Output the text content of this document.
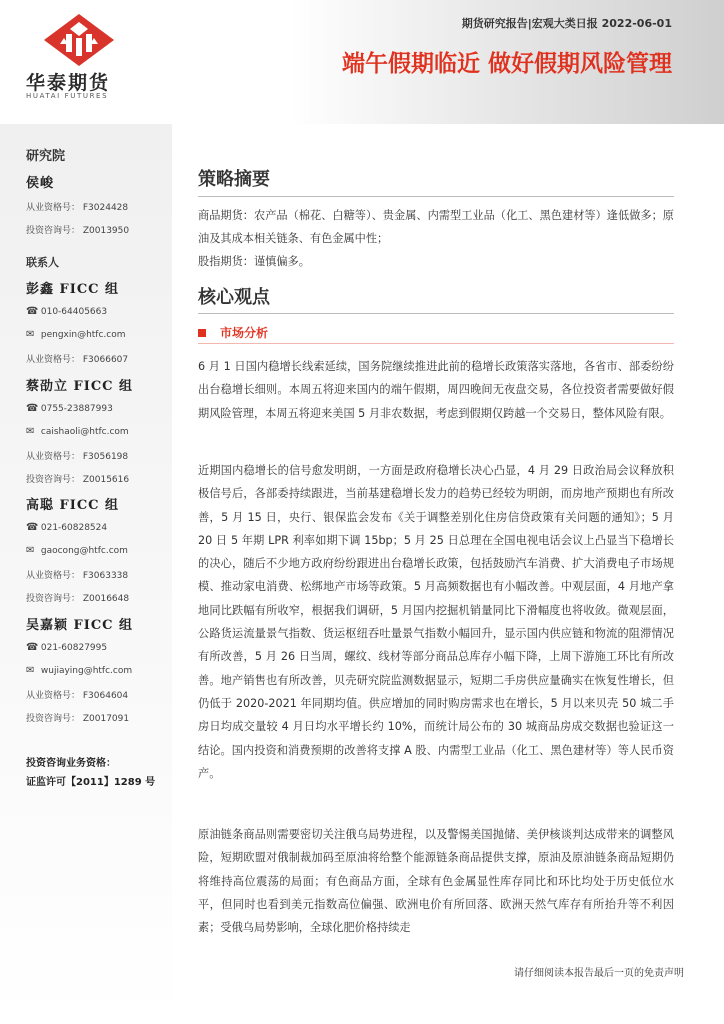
华泰期货
HUATAI FUTURES
期货研究报告|宏观大类日报 2022-06-01
端午假期临近 做好假期风险管理
研究院
侯峻
从业资格号： F3024428
投资咨询号： Z0013950
联系人
彭鑫 FICC 组
☎
010-64405663
✉
pengxin@htfc.com
从业资格号： F3066607
蔡劭立 FICC 组
☎
0755-23887993
✉
caishaoli@htfc.com
从业资格号： F3056198
投资咨询号： Z0015616
高聪 FICC 组
☎
021-60828524
✉
gaocong@htfc.com
从业资格号： F3063338
投资咨询号： Z0016648
吴嘉颖 FICC 组
☎
021-60827995
✉
wujiaying@htfc.com
从业资格号： F3064604
投资咨询号： Z0017091
投资咨询业务资格：
证监许可【2011】1289 号
策略摘要
商品期货：农产品（棉花、白糖等）、贵金属、内需型工业品（化工、黑色建材等）逢低做多；原油及其成本相关链条、有色金属中性；
股指期货：谨慎偏多。
核心观点
市场分析
6 月 1 日国内稳增长线索延续，国务院继续推进此前的稳增长政策落实落地，各省市、部委纷纷出台稳增长细则。本周五将迎来国内的端午假期，周四晚间无夜盘交易，各位投资者需要做好假期风险管理，本周五将迎来美国 5 月非农数据，考虑到假期仅跨越一个交易日，整体风险有限。
近期国内稳增长的信号愈发明朗，一方面是政府稳增长决心凸显，4 月 29 日政治局会议释放积极信号后，各部委持续跟进，当前基建稳增长发力的趋势已经较为明朗，而房地产预期也有所改善，5 月 15 日，央行、银保监会发布《关于调整差别化住房信贷政策有关问题的通知》；5 月 20 日 5 年期 LPR 利率如期下调 15bp；5 月 25 日总理在全国电视电话会议上凸显当下稳增长的决心，随后不少地方政府纷纷跟进出台稳增长政策，包括鼓励汽车消费、扩大消费电子市场规模、推动家电消费、松绑地产市场等政策。5 月高频数据也有小幅改善。中观层面，4 月地产拿地同比跌幅有所收窄，根据我们调研，5 月国内挖掘机销量同比下滑幅度也将收敛。微观层面，公路货运流量景气指数、货运枢纽吞吐量景气指数小幅回升，显示国内供应链和物流的阻滞情况有所改善，5 月 26 日当周，螺纹、线材等部分商品总库存小幅下降，上周下游施工环比有所改善。地产销售也有所改善，贝壳研究院监测数据显示，短期二手房供应量确实在恢复性增长，但仍低于 2020-2021 年同期均值。供应增加的同时购房需求也在增长，5 月以来贝壳 50 城二手房日均成交量较 4 月日均水平增长约 10%，而统计局公布的 30 城商品房成交数据也验证这一结论。国内投资和消费预期的改善将支撑 A 股、内需型工业品（化工、黑色建材等）等人民币资产。
原油链条商品则需要密切关注俄乌局势进程，以及警惕美国抛储、美伊核谈判达成带来的调整风险，短期欧盟对俄制裁加码至原油将给整个能源链条商品提供支撑，原油及原油链条商品短期仍将维持高位震荡的局面；有色商品方面，全球有色金属显性库存同比和环比均处于历史低位水平，但同时也看到美元指数高位偏强、欧洲电价有所回落、欧洲天然气库存有所抬升等不利因素；受俄乌局势影响，全球化肥价格持续走
请仔细阅读本报告最后一页的免责声明
